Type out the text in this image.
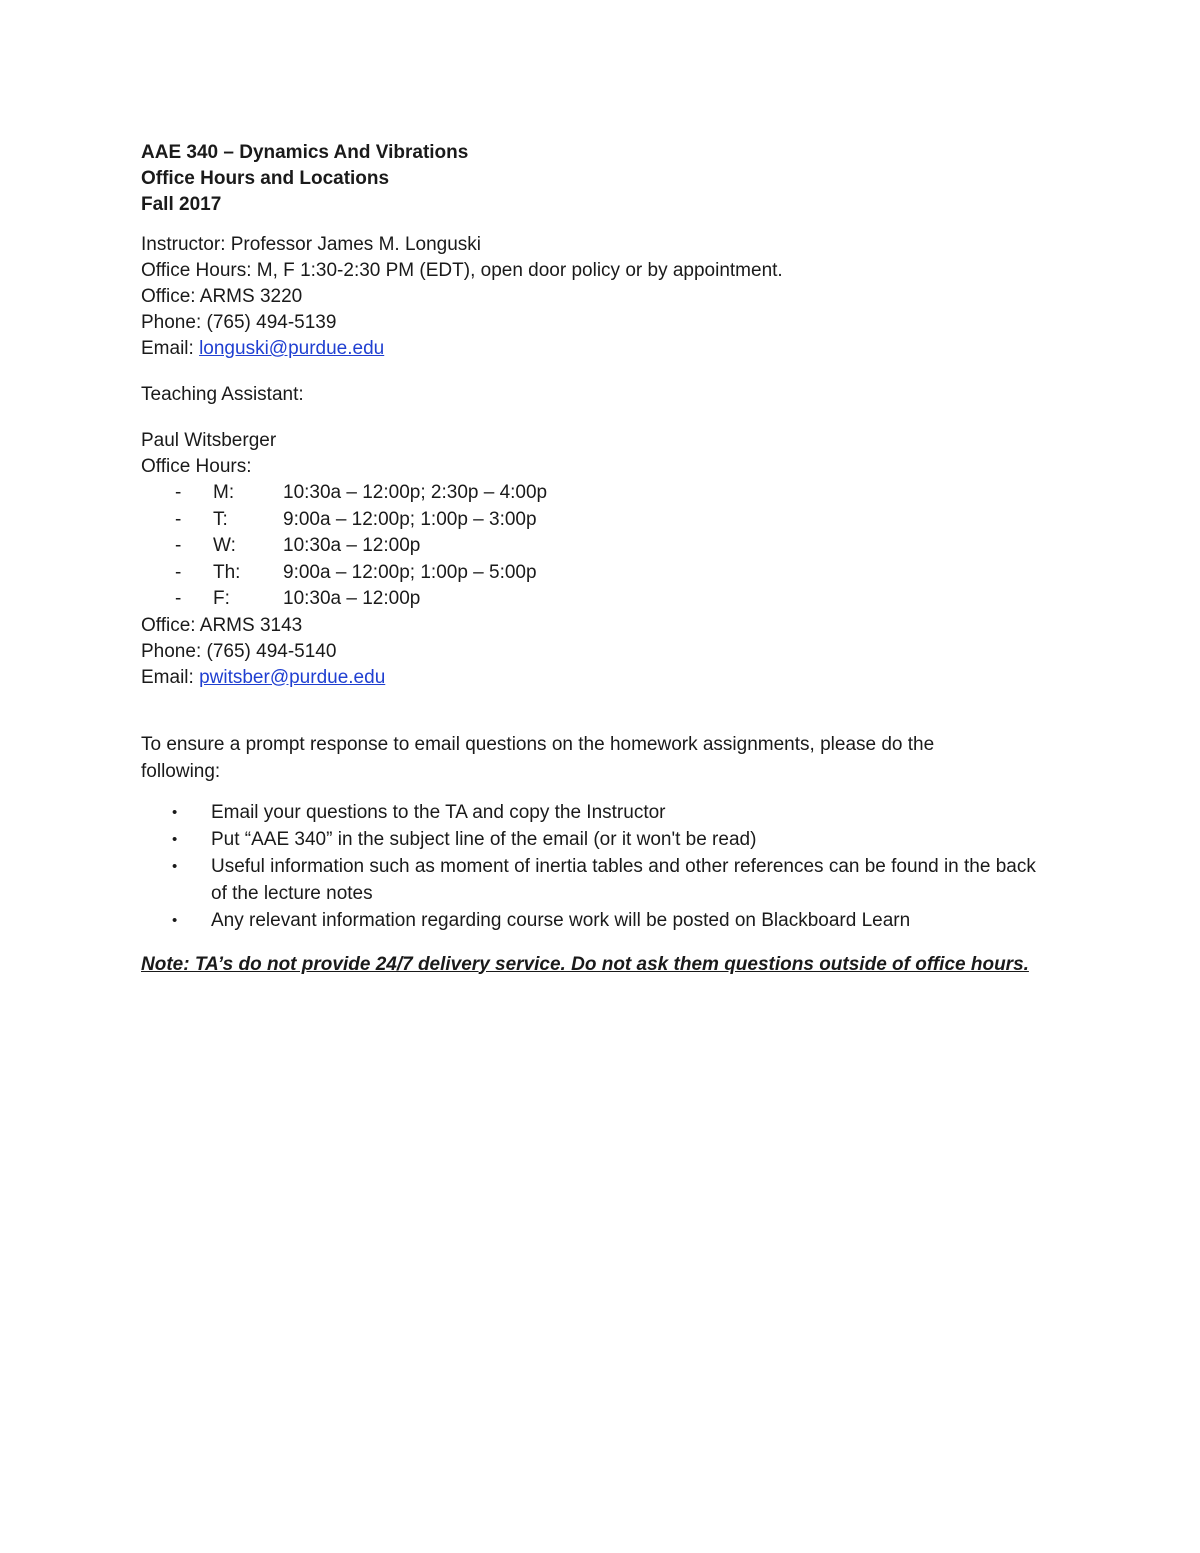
AAE 340 – Dynamics And Vibrations
Office Hours and Locations
Fall 2017
Instructor: Professor James M. Longuski
Office Hours: M, F 1:30-2:30 PM (EDT), open door policy or by appointment.
Office: ARMS 3220
Phone: (765) 494-5139
Email: longuski@purdue.edu
Teaching Assistant:
Paul Witsberger
Office Hours:
-	M:	10:30a – 12:00p; 2:30p – 4:00p
-	T:	9:00a – 12:00p; 1:00p – 3:00p
-	W:	10:30a – 12:00p
-	Th:	9:00a – 12:00p; 1:00p – 5:00p
-	F:	10:30a – 12:00p
Office: ARMS 3143
Phone: (765) 494-5140
Email: pwitsber@purdue.edu
To ensure a prompt response to email questions on the homework assignments, please do the following:
•	Email your questions to the TA and copy the Instructor
•	Put “AAE 340” in the subject line of the email (or it won't be read)
•	Useful information such as moment of inertia tables and other references can be found in the back of the lecture notes
•	Any relevant information regarding course work will be posted on Blackboard Learn
Note: TA’s do not provide 24/7 delivery service. Do not ask them questions outside of office hours.
